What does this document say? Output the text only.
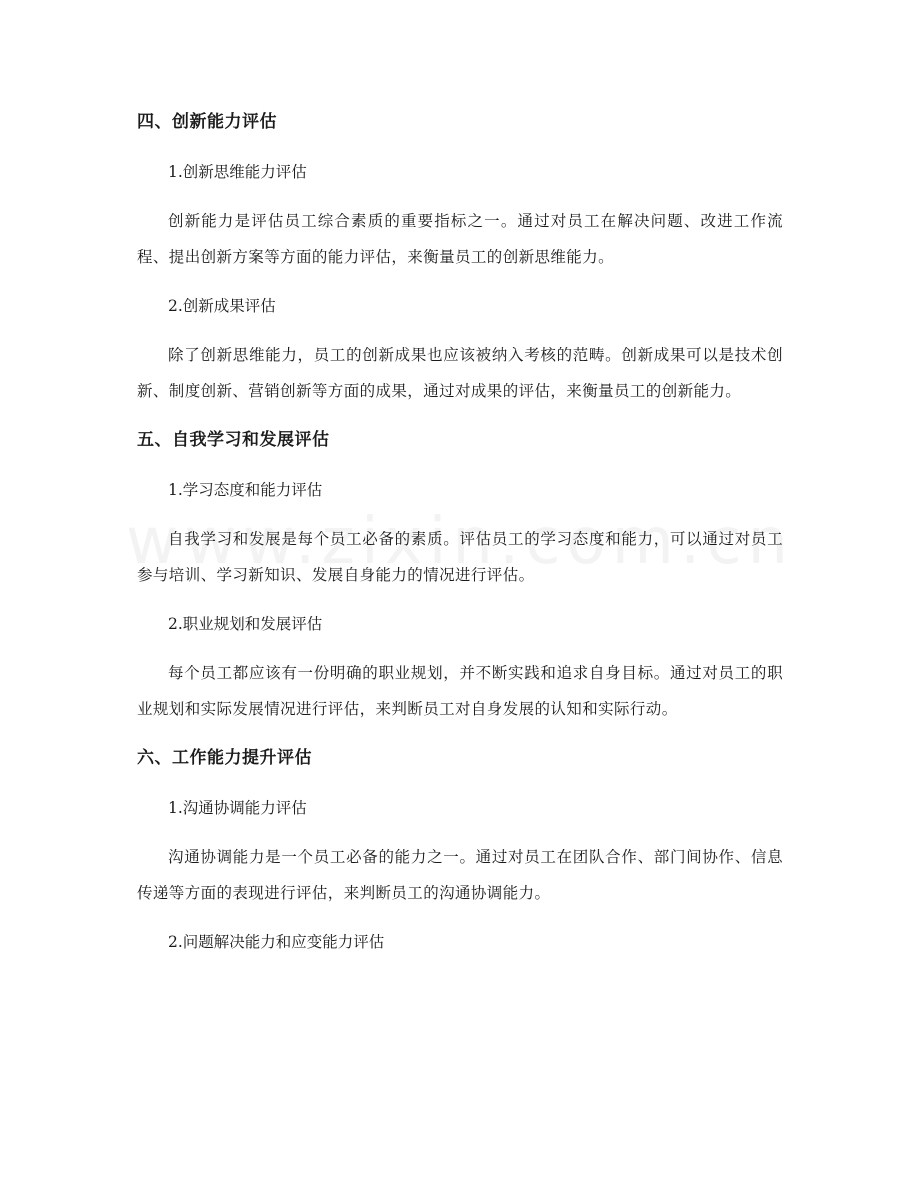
四、创新能力评估

1.创新思维能力评估

创新能力是评估员工综合素质的重要指标之一。通过对员工在解决问题、改进工作流程、提出创新方案等方面的能力评估，来衡量员工的创新思维能力。

2.创新成果评估

除了创新思维能力，员工的创新成果也应该被纳入考核的范畴。创新成果可以是技术创新、制度创新、营销创新等方面的成果，通过对成果的评估，来衡量员工的创新能力。

五、自我学习和发展评估

1.学习态度和能力评估

自我学习和发展是每个员工必备的素质。评估员工的学习态度和能力，可以通过对员工参与培训、学习新知识、发展自身能力的情况进行评估。

2.职业规划和发展评估

每个员工都应该有一份明确的职业规划，并不断实践和追求自身目标。通过对员工的职业规划和实际发展情况进行评估，来判断员工对自身发展的认知和实际行动。

六、工作能力提升评估

1.沟通协调能力评估

沟通协调能力是一个员工必备的能力之一。通过对员工在团队合作、部门间协作、信息传递等方面的表现进行评估，来判断员工的沟通协调能力。

2.问题解决能力和应变能力评估
